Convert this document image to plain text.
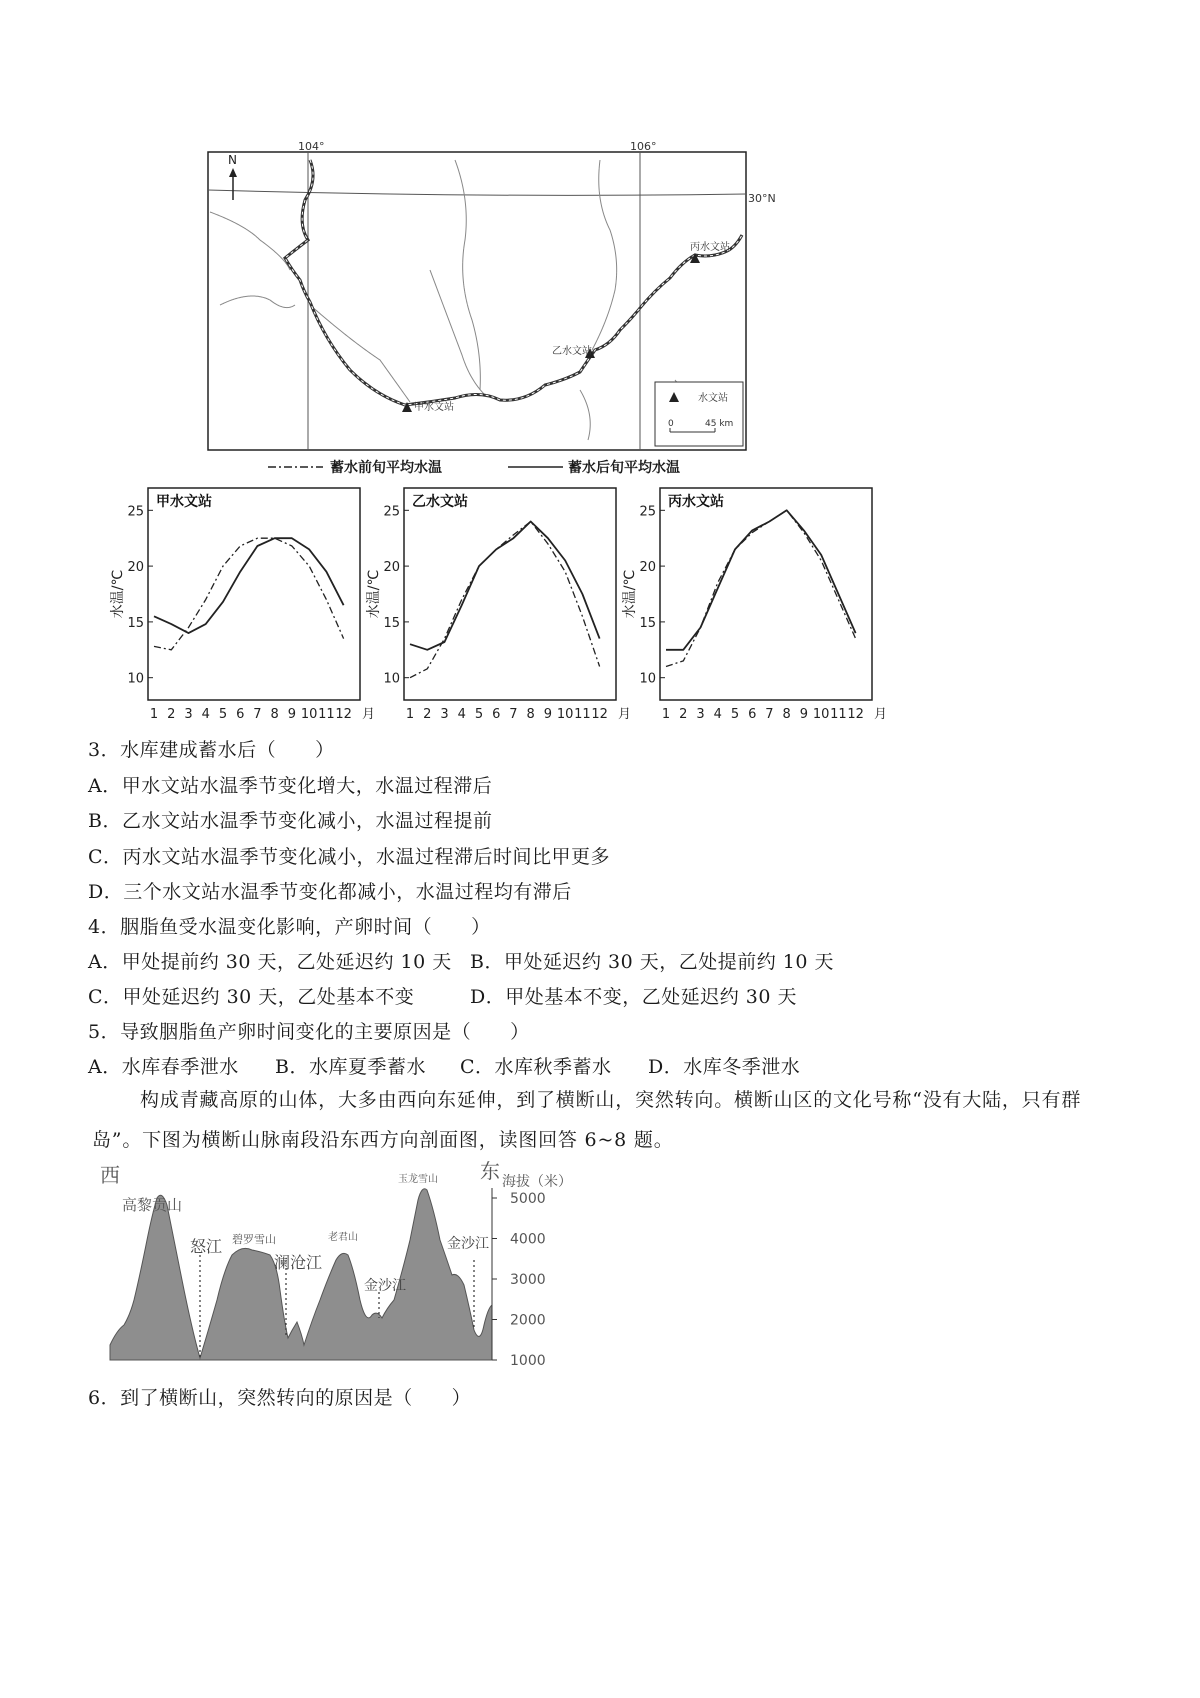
104°	106°
30°N
N
甲水文站
乙水文站
丙水文站
水文站
0	45 km
蓄水前旬平均水温	蓄水后旬平均水温
甲水文站
10
15
20
25
水温/℃
1 2 3 4 5 6 7 8 9 10 11 12 月
乙水文站
10
15
20
25
水温/℃
1 2 3 4 5 6 7 8 9 10 11 12 月
丙水文站
10
15
20
25
水温/℃
1 2 3 4 5 6 7 8 9 10 11 12 月
3．水库建成蓄水后（　　）
A．甲水文站水温季节变化增大，水温过程滞后
B．乙水文站水温季节变化减小，水温过程提前
C．丙水文站水温季节变化减小，水温过程滞后时间比甲更多
D．三个水文站水温季节变化都减小，水温过程均有滞后
4．胭脂鱼受水温变化影响，产卵时间（　　）
A．甲处提前约 30 天，乙处延迟约 10 天 B．甲处延迟约 30 天，乙处提前约 10 天
C．甲处延迟约 30 天，乙处基本不变	D．甲处基本不变，乙处延迟约 30 天
5．导致胭脂鱼产卵时间变化的主要原因是（　　）
A．水库春季泄水 B．水库夏季蓄水 C．水库秋季蓄水 D．水库冬季泄水
构成青藏高原的山体，大多由西向东延伸，到了横断山，突然转向。横断山区的文化号称“没有大陆，只有群岛”。下图为横断山脉南段沿东西方向剖面图，读图回答 6~8 题。
西	东 海拔（米）
1000
2000
3000
4000
5000
高黎贡山
碧罗雪山	老君山
玉龙雪山
怒江
澜沧江
金沙江
金沙江
6．到了横断山，突然转向的原因是（　　）
